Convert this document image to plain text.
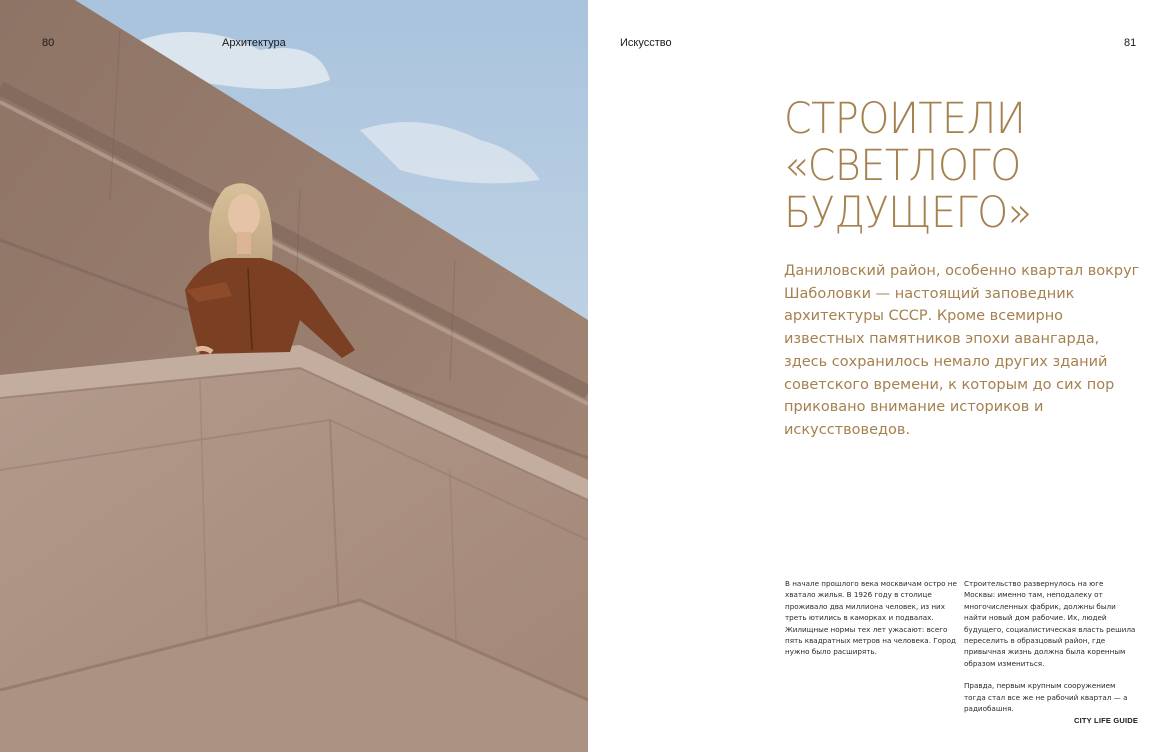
80	Архитектура	Искусство	81
СТРОИТЕЛИ
«СВЕТЛОГО
БУДУЩЕГО»

Даниловский район, особенно квартал вокруг Шаболовки — настоящий заповедник архитектуры СССР. Кроме всемирно известных памятников эпохи авангарда, здесь сохранилось немало других зданий советского времени, к которым до сих пор приковано внимание историков и искусствоведов.

В начале прошлого века москвичам остро не хватало жилья. В 1926 году в столице проживало два миллиона человек, из них треть ютились в каморках и подвалах. Жилищные нормы тех лет ужасают: всего пять квадратных метров на человека. Город нужно было расширять.

Строительство развернулось на юге Москвы: именно там, неподалеку от многочисленных фабрик, должны были найти новый дом рабочие. Их, людей будущего, социалистическая власть решила переселить в образцовый район, где привычная жизнь должна была коренным образом измениться.

Правда, первым крупным сооружением тогда стал все же не рабочий квартал — а радиобашня.

CITY LIFE GUIDE
